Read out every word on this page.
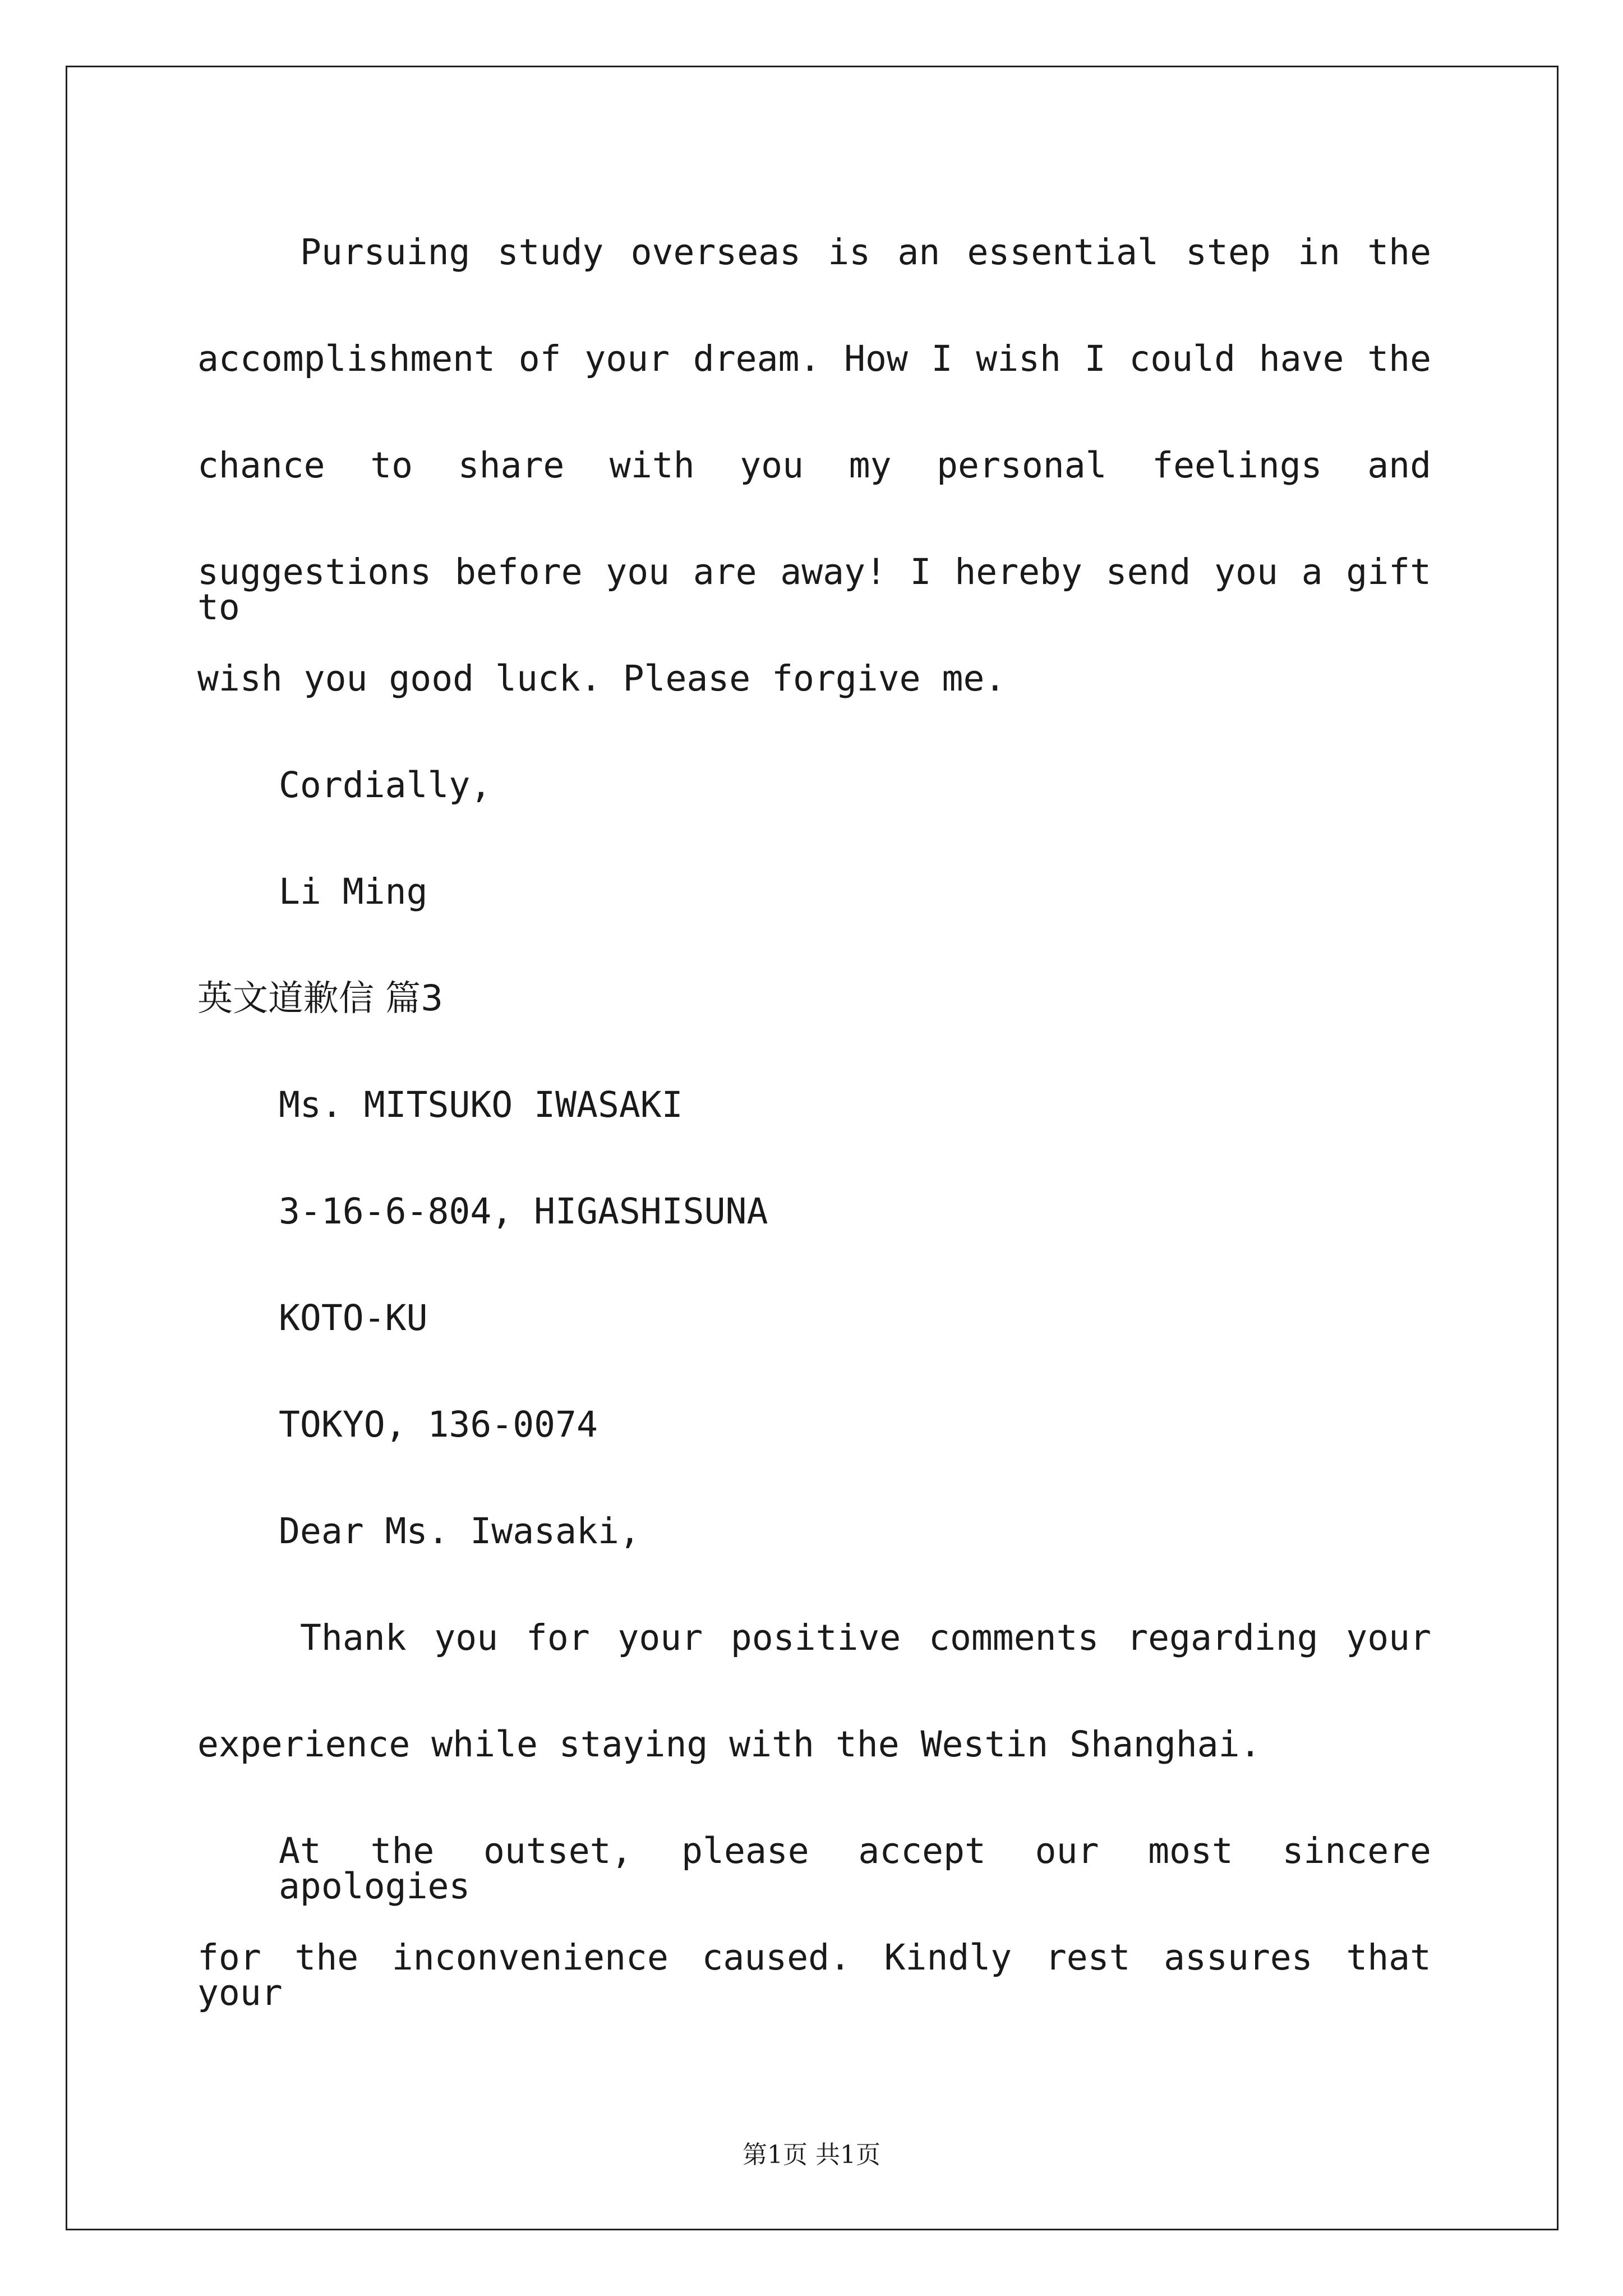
Pursuing study overseas is an essential step in the
accomplishment of your dream. How I wish I could have the
chance to share with you my personal feelings and
suggestions before you are away! I hereby send you a gift to
wish you good luck. Please forgive me.
Cordially,
Li Ming
英文道歉信 篇3
Ms. MITSUKO IWASAKI
3-16-6-804, HIGASHISUNA
KOTO-KU
TOKYO, 136-0074
Dear Ms. Iwasaki,
Thank you for your positive comments regarding your
experience while staying with the Westin Shanghai.
At the outset, please accept our most sincere apologies
for the inconvenience caused. Kindly rest assures that your
第1页 共1页
